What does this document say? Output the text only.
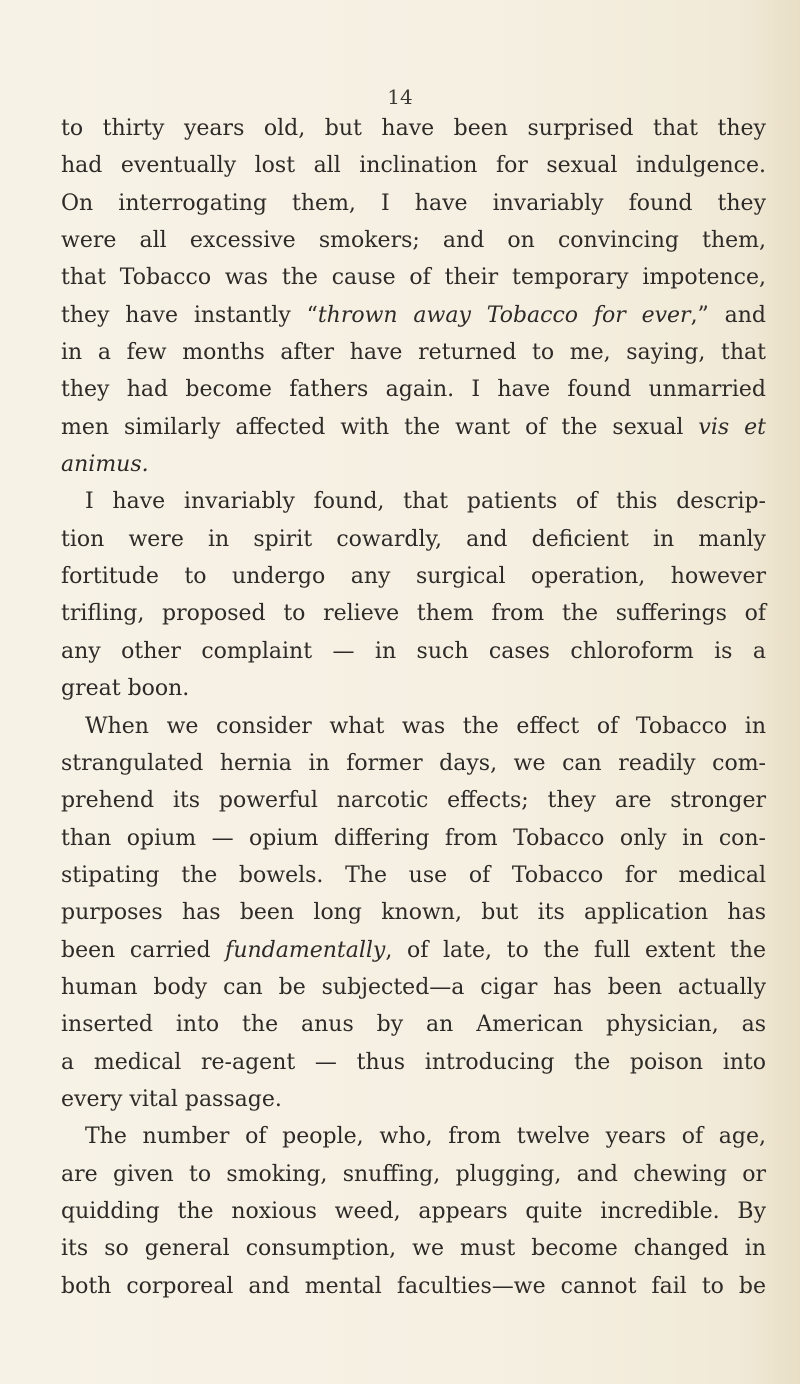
14
to thirty years old, but have been surprised that they
had eventually lost all inclination for sexual indulgence.
On interrogating them, I have invariably found they
were all excessive smokers; and on convincing them,
that Tobacco was the cause of their temporary impotence,
they have instantly “thrown away Tobacco for ever,” and
in a few months after have returned to me, saying, that
they had become fathers again. I have found unmarried
men similarly affected with the want of the sexual vis et
animus.
I have invariably found, that patients of this descrip-
tion were in spirit cowardly, and deficient in manly
fortitude to undergo any surgical operation, however
trifling, proposed to relieve them from the sufferings of
any other complaint — in such cases chloroform is a
great boon.
When we consider what was the effect of Tobacco in
strangulated hernia in former days, we can readily com-
prehend its powerful narcotic effects; they are stronger
than opium — opium differing from Tobacco only in con-
stipating the bowels. The use of Tobacco for medical
purposes has been long known, but its application has
been carried fundamentally, of late, to the full extent the
human body can be subjected—a cigar has been actually
inserted into the anus by an American physician, as
a medical re-agent — thus introducing the poison into
every vital passage.
The number of people, who, from twelve years of age,
are given to smoking, snuffing, plugging, and chewing or
quidding the noxious weed, appears quite incredible. By
its so general consumption, we must become changed in
both corporeal and mental faculties—we cannot fail to be
